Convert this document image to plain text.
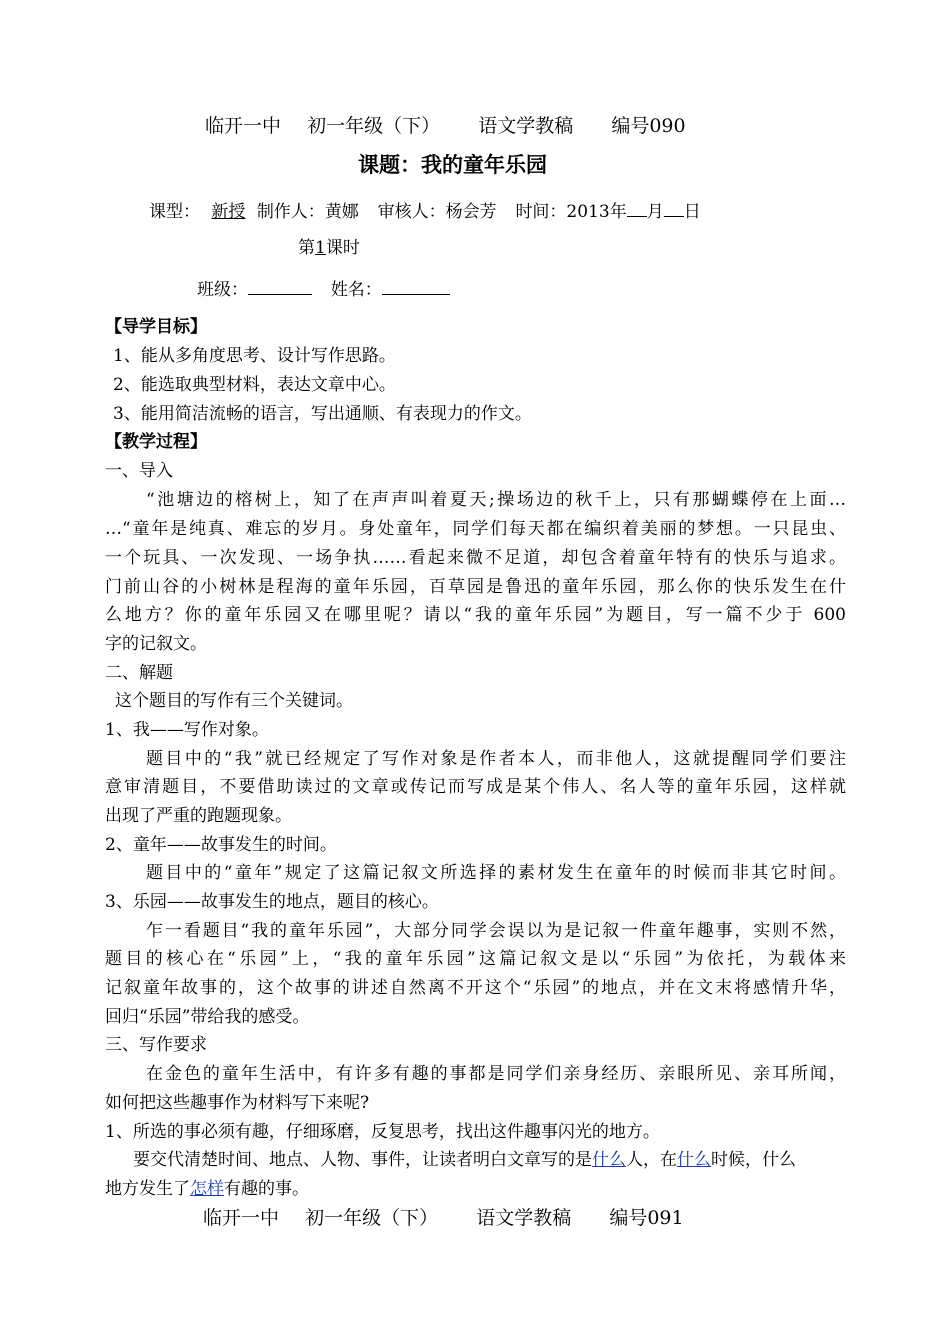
临开一中 初一年级（下） 语文学教稿 编号090
课题：我的童年乐园
课型： 新授 制作人：黄娜 审核人：杨会芳 时间：2013年 月 日
第1课时
班级：	姓名：
【导学目标】
1、能从多角度思考、设计写作思路。
2、能选取典型材料，表达文章中心。
3、能用简洁流畅的语言，写出通顺、有表现力的作文。
【教学过程】
一、导入
“池塘边的榕树上，知了在声声叫着夏天;操场边的秋千上，只有那蝴蝶停在上面…
…“童年是纯真、难忘的岁月。身处童年，同学们每天都在编织着美丽的梦想。一只昆虫、
一个玩具、一次发现、一场争执……看起来微不足道，却包含着童年特有的快乐与追求。
门前山谷的小树林是程海的童年乐园，百草园是鲁迅的童年乐园，那么你的快乐发生在什
么地方？你的童年乐园又在哪里呢？请以“我的童年乐园”为题目，写一篇不少于 600
字的记叙文。
二、解题
这个题目的写作有三个关键词。
1、我——写作对象。
题目中的“我”就已经规定了写作对象是作者本人，而非他人，这就提醒同学们要注
意审清题目，不要借助读过的文章或传记而写成是某个伟人、名人等的童年乐园，这样就
出现了严重的跑题现象。
2、童年——故事发生的时间。
题目中的“童年”规定了这篇记叙文所选择的素材发生在童年的时候而非其它时间。
3、乐园——故事发生的地点，题目的核心。
乍一看题目“我的童年乐园”，大部分同学会误以为是记叙一件童年趣事，实则不然，
题目的核心在“乐园”上，“我的童年乐园”这篇记叙文是以“乐园”为依托，为载体来
记叙童年故事的，这个故事的讲述自然离不开这个“乐园”的地点，并在文末将感情升华，
回归“乐园”带给我的感受。
三、写作要求
在金色的童年生活中，有许多有趣的事都是同学们亲身经历、亲眼所见、亲耳所闻，
如何把这些趣事作为材料写下来呢?
1、所选的事必须有趣，仔细琢磨，反复思考，找出这件趣事闪光的地方。
要交代清楚时间、地点、人物、事件，让读者明白文章写的是什么人，在什么时候，什么
地方发生了怎样有趣的事。
临开一中 初一年级（下） 语文学教稿 编号091
